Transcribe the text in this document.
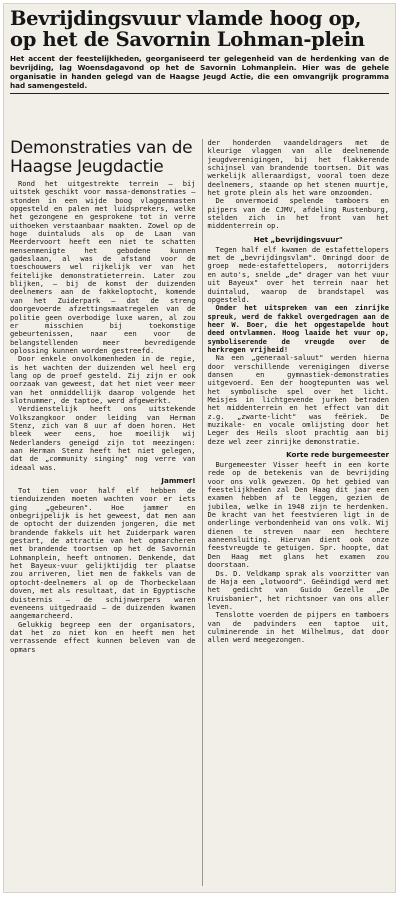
Bevrijdingsvuur vlamde hoog op,
op het de Savornin Lohman-plein
Het accent der feestelijkheden, georganiseerd ter gelegenheid van de herdenking van de bevrijding, lag Woensdagavond op het de Savornin Lohmanplein. Hier was de gehele organisatie in handen gelegd van de Haagse Jeugd Actie, die een omvangrijk programma had samengesteld.
Demonstraties van de
Haagse Jeugdactie

Rond het uitgestrekte terrein — bij uitstek geschikt voor massa-demonstraties — stonden in een wijde boog vlaggenmasten opgesteld en palen met luidsprekers, welke het gezongene en gesprokene tot in verre uithoeken verstaanbaar maakten. Zowel op de hoge duintaluds als op de Laan van Meerdervoort heeft een niet te schatten mensenmenigte het gebodene kunnen gadeslaan, al was de afstand voor de toeschouwers wel rijkelijk ver van het feitelijke demonstratieterrein. Later zou blijken, — bij de komst der duizenden deelnemers aan de fakkeloptocht, komende van het Zuiderpark — dat de streng doorgevoerde afzettingsmaatregelen van de politie geen overbodige luxe waren, al zou er misschien bij toekomstige gebeurtenissen, naar een voor de belangstellenden meer bevredigende oplossing kunnen worden gestreefd.

Door enkele onvolkomenheden in de regie, is het wachten der duizenden wel heel erg lang op de proef gesteld. Zij zijn er ook oorzaak van geweest, dat het niet veer meer van het onmiddellijk daarop volgende het slotnummer, de taptoe, werd afgewerkt.

Verdienstelijk heeft ons uitstekende Volkszangkoor onder leiding van Herman Stenz, zich van 8 uur af doen horen. Het bleek weer eens, hoe moeilijk wij Nederlanders geneigd zijn tot meezingen: aan Herman Stenz heeft het niet gelegen, dat de „community singing" nog verre van ideaal was.

Jammer!

Tot tien voor half elf hebben de tienduizenden moeten wachten voor er iets ging „gebeuren". Hoe jammer en onbegrijpelijk is het geweest, dat men aan de optocht der duizenden jongeren, die met brandende fakkels uit het Zuiderpark waren gestart, de attractie van het opmarcheren met brandende toortsen op het de Savornin Lohmanplein, heeft ontnomen. Denkende, dat het Bayeux-vuur gelijktijdig ter plaatse zou arriveren, liet men de fakkels van de optocht-deelnemers al op de Thorbeckelaan doven, met als resultaat, dat in Egyptische duisternis — de schijnwerpers waren eveneens uitgedraaid — de duizenden kwamen aangemarcheerd.

Gelukkig begreep een der organisators, dat het zo niet kon en heeft men het verrassende effect kunnen beleven van de opmars

der honderden vaandeldragers met de kleurige vlaggen van alle deelnemende jeugdverenigingen, bij het flakkerende schijnsel van brandende toortsen. Dit was werkelijk alleraardigst, vooral toen deze deelnemers, staande op het stenen muurtje, het grote plein als het ware omzoomden.

De onvermoeid spelende tamboers en pijpers van de CJMV, afdeling Rustenburg, stelden zich in het front van het middenterrein op.

Het „bevrijdingsvuur"

Tegen half elf kwamen de estafettelopers met de „bevrijdingsvlam". Omringd door de groep mede-estafettelopers, motorrijders en auto's, snelde „de" drager van het vuur uit Bayeux" over het terrein naar het duintalud, waarop de brandstapel was opgesteld.

Onder het uitspreken van een zinrijke spreuk, werd de fakkel overgedragen aan de heer W. Boer, die het opgestapelde hout deed ontvlammen. Hoog laaide het vuur op, symboliserende de vreugde over de herkregen vrijheid!

Na een „generaal-saluut" werden hierna door verschillende verenigingen diverse dansen en gymnastiek-demonstraties uitgevoerd. Een der hoogtepunten was wel het symbolische spel over het licht. Meisjes in lichtgevende jurken betraden het middenterrein en het effect van dit z.g. „zwarte-licht" was feëriek. De muzikale- en vocale omlijsting door het Leger des Heils sloot prachtig aan bij deze wel zeer zinrijke demonstratie.

Korte rede burgemeester

Burgemeester Visser heeft in een korte rede op de betekenis van de bevrijding voor ons volk gewezen. Op het gebied van feestelijkheden zal Den Haag dit jaar een examen hebben af te leggen, gezien de jubilea, welke in 1948 zijn te herdenken. De kracht van het feestvieren ligt in de onderlinge verbondenheid van ons volk. Wij dienen te streven naar een hechtere aaneensluiting. Hiervan dient ook onze feestvreugde te getuigen. Spr. hoopte, dat Den Haag met glans het examen zou doorstaan.

Ds. D. Veldkamp sprak als voorzitter van de Haja een „lotwoord". Geëindigd werd met het gedicht van Guido Gezelle „De Kruisbanier", het richtsnoer van ons aller leven.

Tenslotte voerden de pijpers en tamboers van de padvinders een taptoe uit, culminerende in het Wilhelmus, dat door allen werd meegezongen.
